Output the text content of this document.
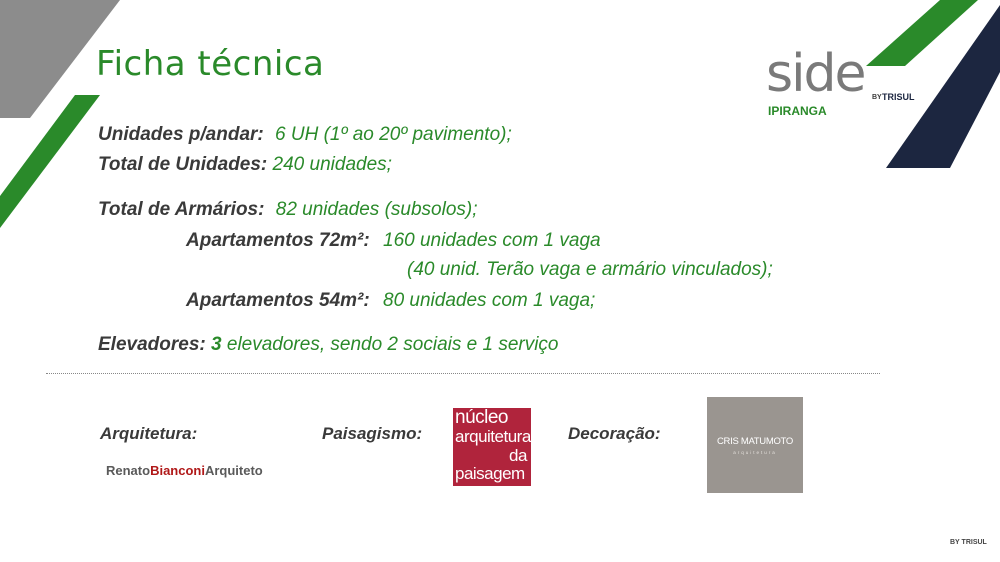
Ficha técnica	side BY TRISUL
IPIRANGA
Unidades p/andar: 6 UH (1º ao 20º pavimento);
Total de Unidades: 240 unidades;
Total de Armários: 82 unidades (subsolos);
Apartamentos 72m²: 160 unidades com 1 vaga
(40 unid. Terão vaga e armário vinculados);
Apartamentos 54m²: 80 unidades com 1 vaga;
Elevadores: 3 elevadores, sendo 2 sociais e 1 serviço
Arquitetura:	Paisagismo:	Decoração:
RenatoBianconiArquiteto
núcleo
arquitetura
da
paisagem
CRIS MATUMOTO
arquitetura
BY TRISUL
